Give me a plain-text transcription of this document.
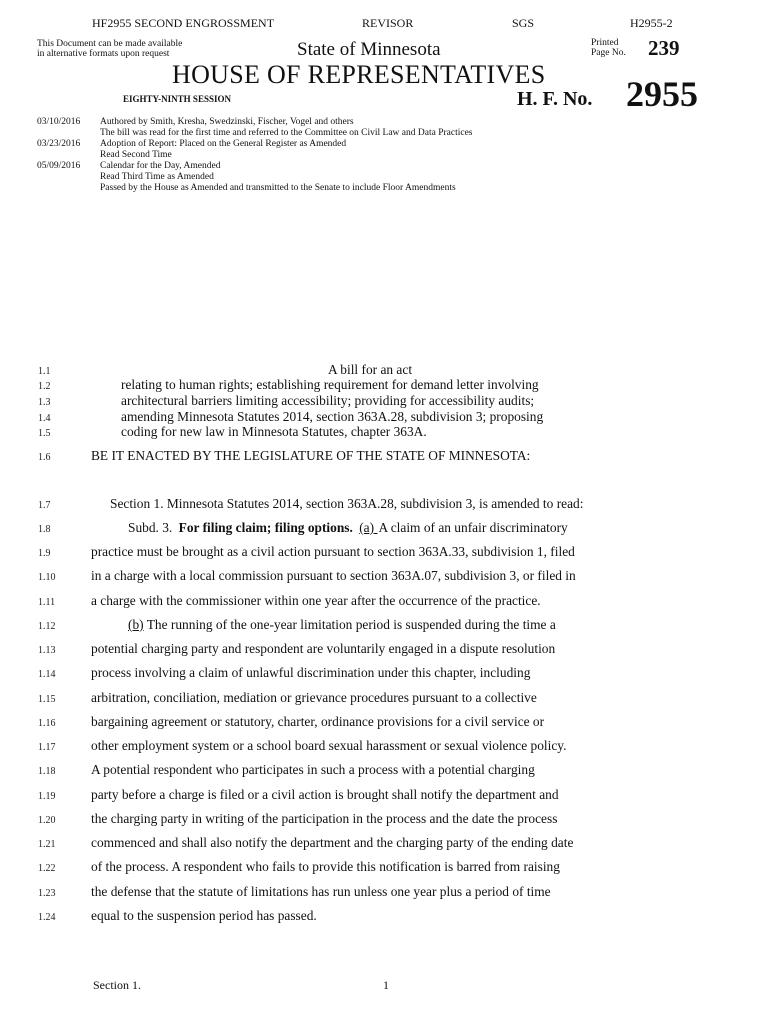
HF2955 SECOND ENGROSSMENT	REVISOR	SGS	H2955-2
This Document can be made available
in alternative formats upon request	State of Minnesota	Printed
Page No. 239
HOUSE OF REPRESENTATIVES
EIGHTY-NINTH SESSION	H. F. No. 2955
03/10/2016 Authored by Smith, Kresha, Swedzinski, Fischer, Vogel and others
The bill was read for the first time and referred to the Committee on Civil Law and Data Practices
03/23/2016 Adoption of Report: Placed on the General Register as Amended
Read Second Time
05/09/2016 Calendar for the Day, Amended
Read Third Time as Amended
Passed by the House as Amended and transmitted to the Senate to include Floor Amendments
1.1
1.2
1.3
1.4
1.5
1.6
1.7
1.8
1.9
1.10
1.11
1.12
1.13
1.14
1.15
1.16
1.17
1.18
1.19
1.20
1.21
1.22
1.23
1.24
A bill for an act
relating to human rights; establishing requirement for demand letter involving
architectural barriers limiting accessibility; providing for accessibility audits;
amending Minnesota Statutes 2014, section 363A.28, subdivision 3; proposing
coding for new law in Minnesota Statutes, chapter 363A.
BE IT ENACTED BY THE LEGISLATURE OF THE STATE OF MINNESOTA:
Section 1. Minnesota Statutes 2014, section 363A.28, subdivision 3, is amended to read:
Subd. 3. For filing claim; filing options. (a) A claim of an unfair discriminatory
practice must be brought as a civil action pursuant to section 363A.33, subdivision 1, filed
in a charge with a local commission pursuant to section 363A.07, subdivision 3, or filed in
a charge with the commissioner within one year after the occurrence of the practice.
(b) The running of the one-year limitation period is suspended during the time a
potential charging party and respondent are voluntarily engaged in a dispute resolution
process involving a claim of unlawful discrimination under this chapter, including
arbitration, conciliation, mediation or grievance procedures pursuant to a collective
bargaining agreement or statutory, charter, ordinance provisions for a civil service or
other employment system or a school board sexual harassment or sexual violence policy.
A potential respondent who participates in such a process with a potential charging
party before a charge is filed or a civil action is brought shall notify the department and
the charging party in writing of the participation in the process and the date the process
commenced and shall also notify the department and the charging party of the ending date
of the process. A respondent who fails to provide this notification is barred from raising
the defense that the statute of limitations has run unless one year plus a period of time
equal to the suspension period has passed.
Section 1.	1
